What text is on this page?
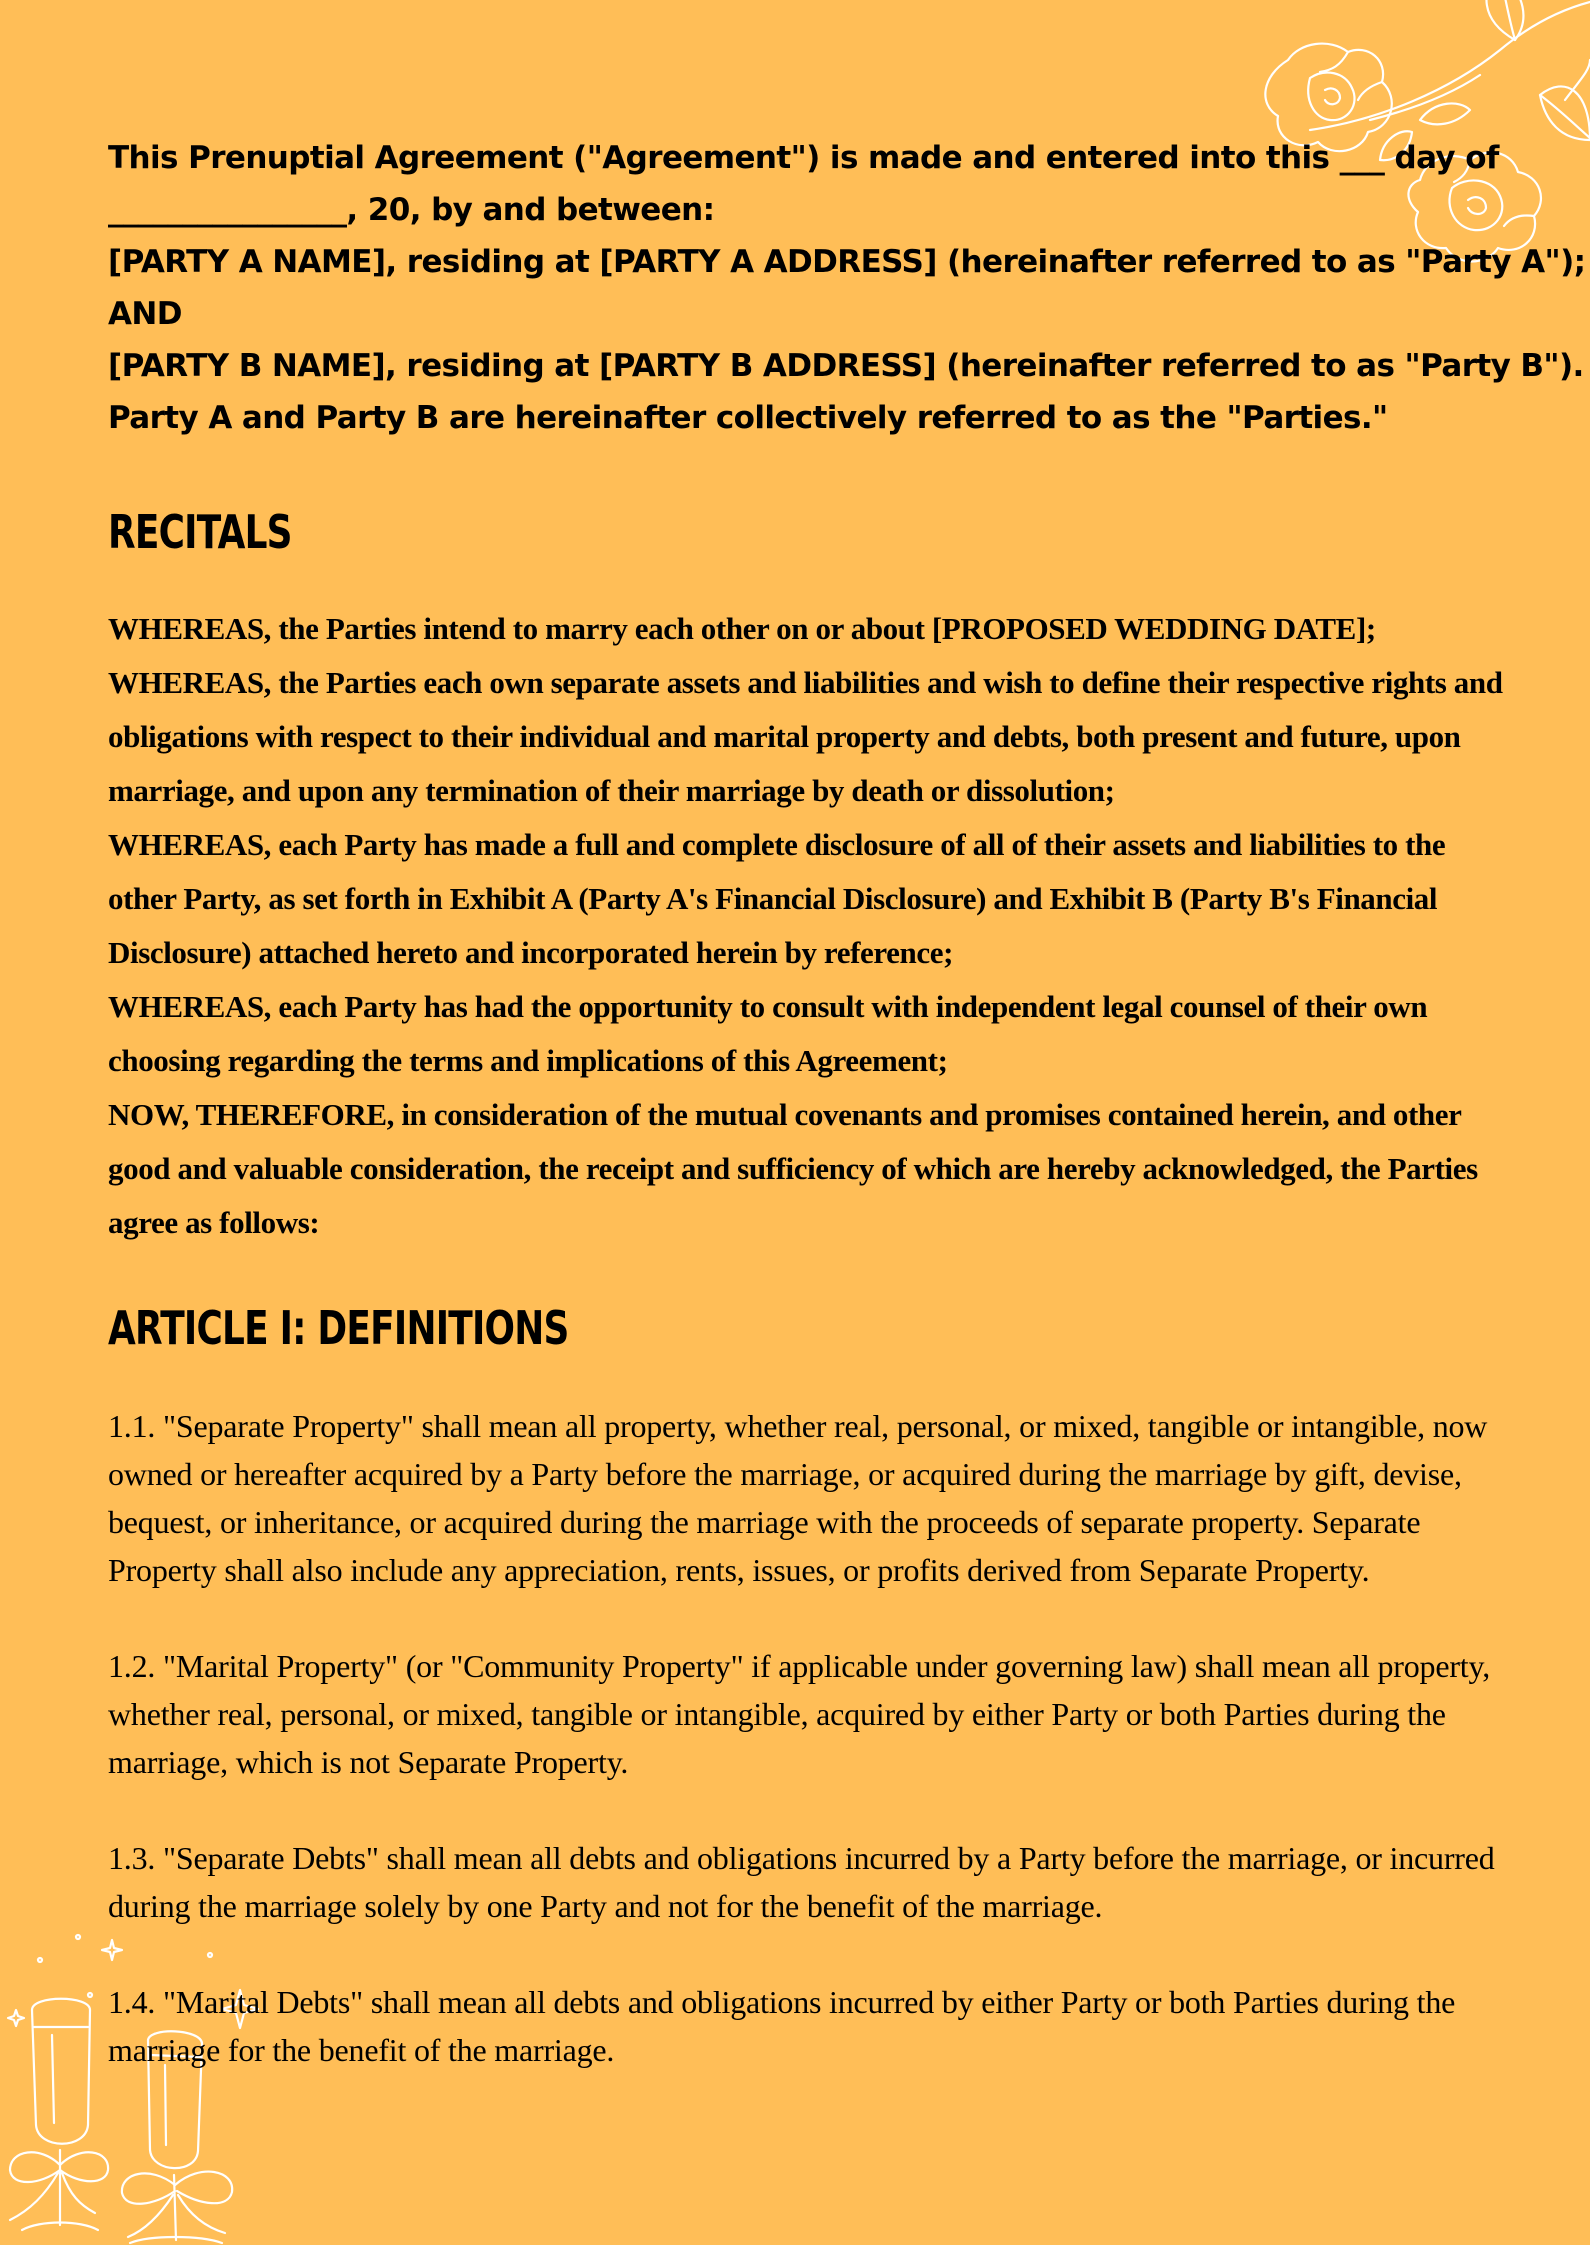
This Prenuptial Agreement ("Agreement") is made and entered into this ___ day of

________________, 20, by and between:

[PARTY A NAME], residing at [PARTY A ADDRESS] (hereinafter referred to as "Party A");

AND

[PARTY B NAME], residing at [PARTY B ADDRESS] (hereinafter referred to as "Party B").

Party A and Party B are hereinafter collectively referred to as the "Parties."

RECITALS

WHEREAS, the Parties intend to marry each other on or about [PROPOSED WEDDING DATE];

WHEREAS, the Parties each own separate assets and liabilities and wish to define their respective rights and obligations with respect to their individual and marital property and debts, both present and future, upon marriage, and upon any termination of their marriage by death or dissolution;

WHEREAS, each Party has made a full and complete disclosure of all of their assets and liabilities to the other Party, as set forth in Exhibit A (Party A's Financial Disclosure) and Exhibit B (Party B's Financial Disclosure) attached hereto and incorporated herein by reference;

WHEREAS, each Party has had the opportunity to consult with independent legal counsel of their own choosing regarding the terms and implications of this Agreement;

NOW, THEREFORE, in consideration of the mutual covenants and promises contained herein, and other good and valuable consideration, the receipt and sufficiency of which are hereby acknowledged, the Parties agree as follows:

ARTICLE I: DEFINITIONS

1.1. "Separate Property" shall mean all property, whether real, personal, or mixed, tangible or intangible, now owned or hereafter acquired by a Party before the marriage, or acquired during the marriage by gift, devise, bequest, or inheritance, or acquired during the marriage with the proceeds of separate property. Separate Property shall also include any appreciation, rents, issues, or profits derived from Separate Property.

1.2. "Marital Property" (or "Community Property" if applicable under governing law) shall mean all property, whether real, personal, or mixed, tangible or intangible, acquired by either Party or both Parties during the marriage, which is not Separate Property.

1.3. "Separate Debts" shall mean all debts and obligations incurred by a Party before the marriage, or incurred during the marriage solely by one Party and not for the benefit of the marriage.

1.4. "Marital Debts" shall mean all debts and obligations incurred by either Party or both Parties during the marriage for the benefit of the marriage.
